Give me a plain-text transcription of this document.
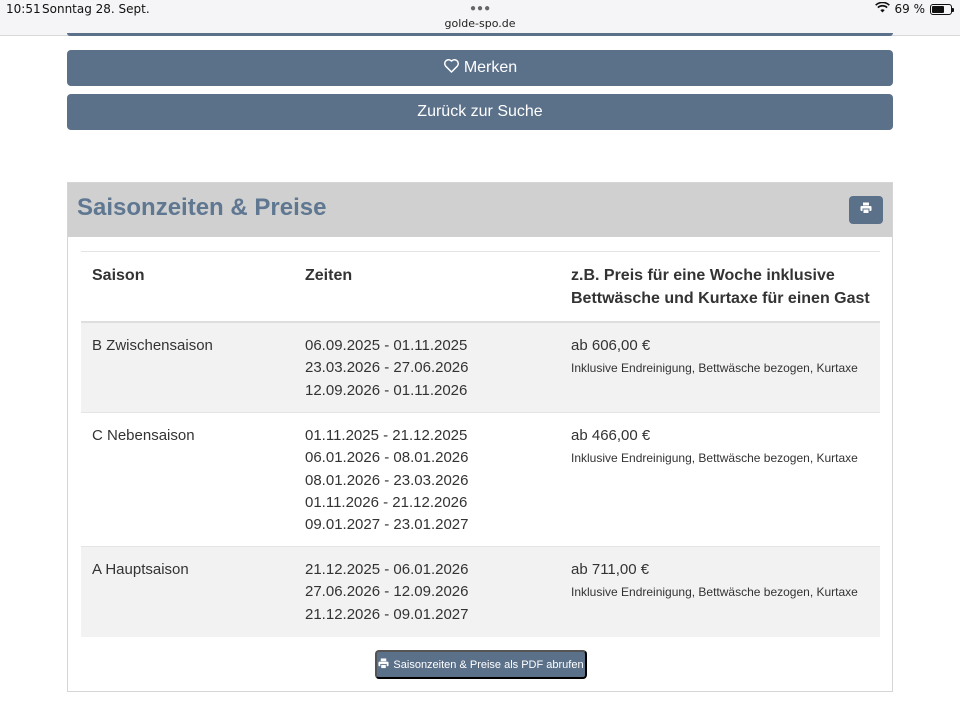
10:51 Sonntag 28. Sept.	●●●
golde-spo.de
69 %
Merken
Zurück zur Suche
Saisonzeiten & Preise
Saison	Zeiten	z.B. Preis für eine Woche inklusive
Bettwäsche und Kurtaxe für einen Gast
B Zwischensaison	06.09.2025 - 01.11.2025
23.03.2026 - 27.06.2026
12.09.2026 - 01.11.2026
ab 606,00 €
Inklusive Endreinigung, Bettwäsche bezogen, Kurtaxe
C Nebensaison	01.11.2025 - 21.12.2025
06.01.2026 - 08.01.2026
08.01.2026 - 23.03.2026
01.11.2026 - 21.12.2026
09.01.2027 - 23.01.2027
ab 466,00 €
Inklusive Endreinigung, Bettwäsche bezogen, Kurtaxe
A Hauptsaison	21.12.2025 - 06.01.2026
27.06.2026 - 12.09.2026
21.12.2026 - 09.01.2027
ab 711,00 €
Inklusive Endreinigung, Bettwäsche bezogen, Kurtaxe
Saisonzeiten & Preise als PDF abrufen
